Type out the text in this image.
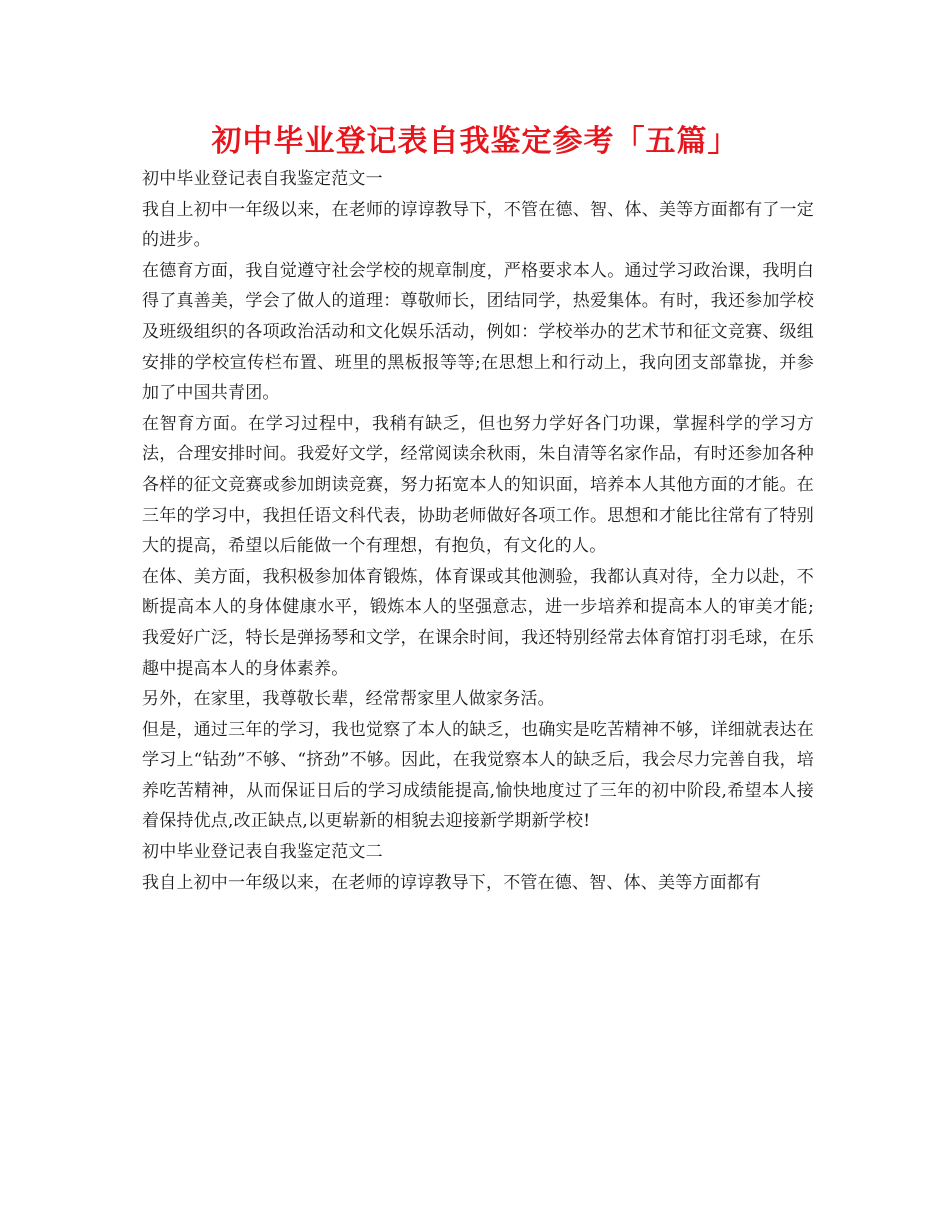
初中毕业登记表自我鉴定参考「五篇」

初中毕业登记表自我鉴定范文一

我自上初中一年级以来，在老师的谆谆教导下，不管在德、智、体、美等方面都有了一定的进步。

在德育方面，我自觉遵守社会学校的规章制度，严格要求本人。通过学习政治课，我明白得了真善美，学会了做人的道理：尊敬师长，团结同学，热爱集体。有时，我还参加学校及班级组织的各项政治活动和文化娱乐活动，例如：学校举办的艺术节和征文竞赛、级组安排的学校宣传栏布置、班里的黑板报等等;在思想上和行动上，我向团支部靠拢，并参加了中国共青团。

在智育方面。在学习过程中，我稍有缺乏，但也努力学好各门功课，掌握科学的学习方法，合理安排时间。我爱好文学，经常阅读余秋雨，朱自清等名家作品，有时还参加各种各样的征文竞赛或参加朗读竞赛，努力拓宽本人的知识面，培养本人其他方面的才能。在三年的学习中，我担任语文科代表，协助老师做好各项工作。思想和才能比往常有了特别大的提高，希望以后能做一个有理想，有抱负，有文化的人。

在体、美方面，我积极参加体育锻炼，体育课或其他测验，我都认真对待，全力以赴，不断提高本人的身体健康水平，锻炼本人的坚强意志，进一步培养和提高本人的审美才能;我爱好广泛，特长是弹扬琴和文学，在课余时间，我还特别经常去体育馆打羽毛球，在乐趣中提高本人的身体素养。

另外，在家里，我尊敬长辈，经常帮家里人做家务活。

但是，通过三年的学习，我也觉察了本人的缺乏，也确实是吃苦精神不够，详细就表达在学习上“钻劲”不够、“挤劲”不够。因此，在我觉察本人的缺乏后，我会尽力完善自我，培养吃苦精神，从而保证日后的学习成绩能提高,愉快地度过了三年的初中阶段,希望本人接着保持优点,改正缺点,以更崭新的相貌去迎接新学期新学校!

初中毕业登记表自我鉴定范文二

我自上初中一年级以来，在老师的谆谆教导下，不管在德、智、体、美等方面都有
